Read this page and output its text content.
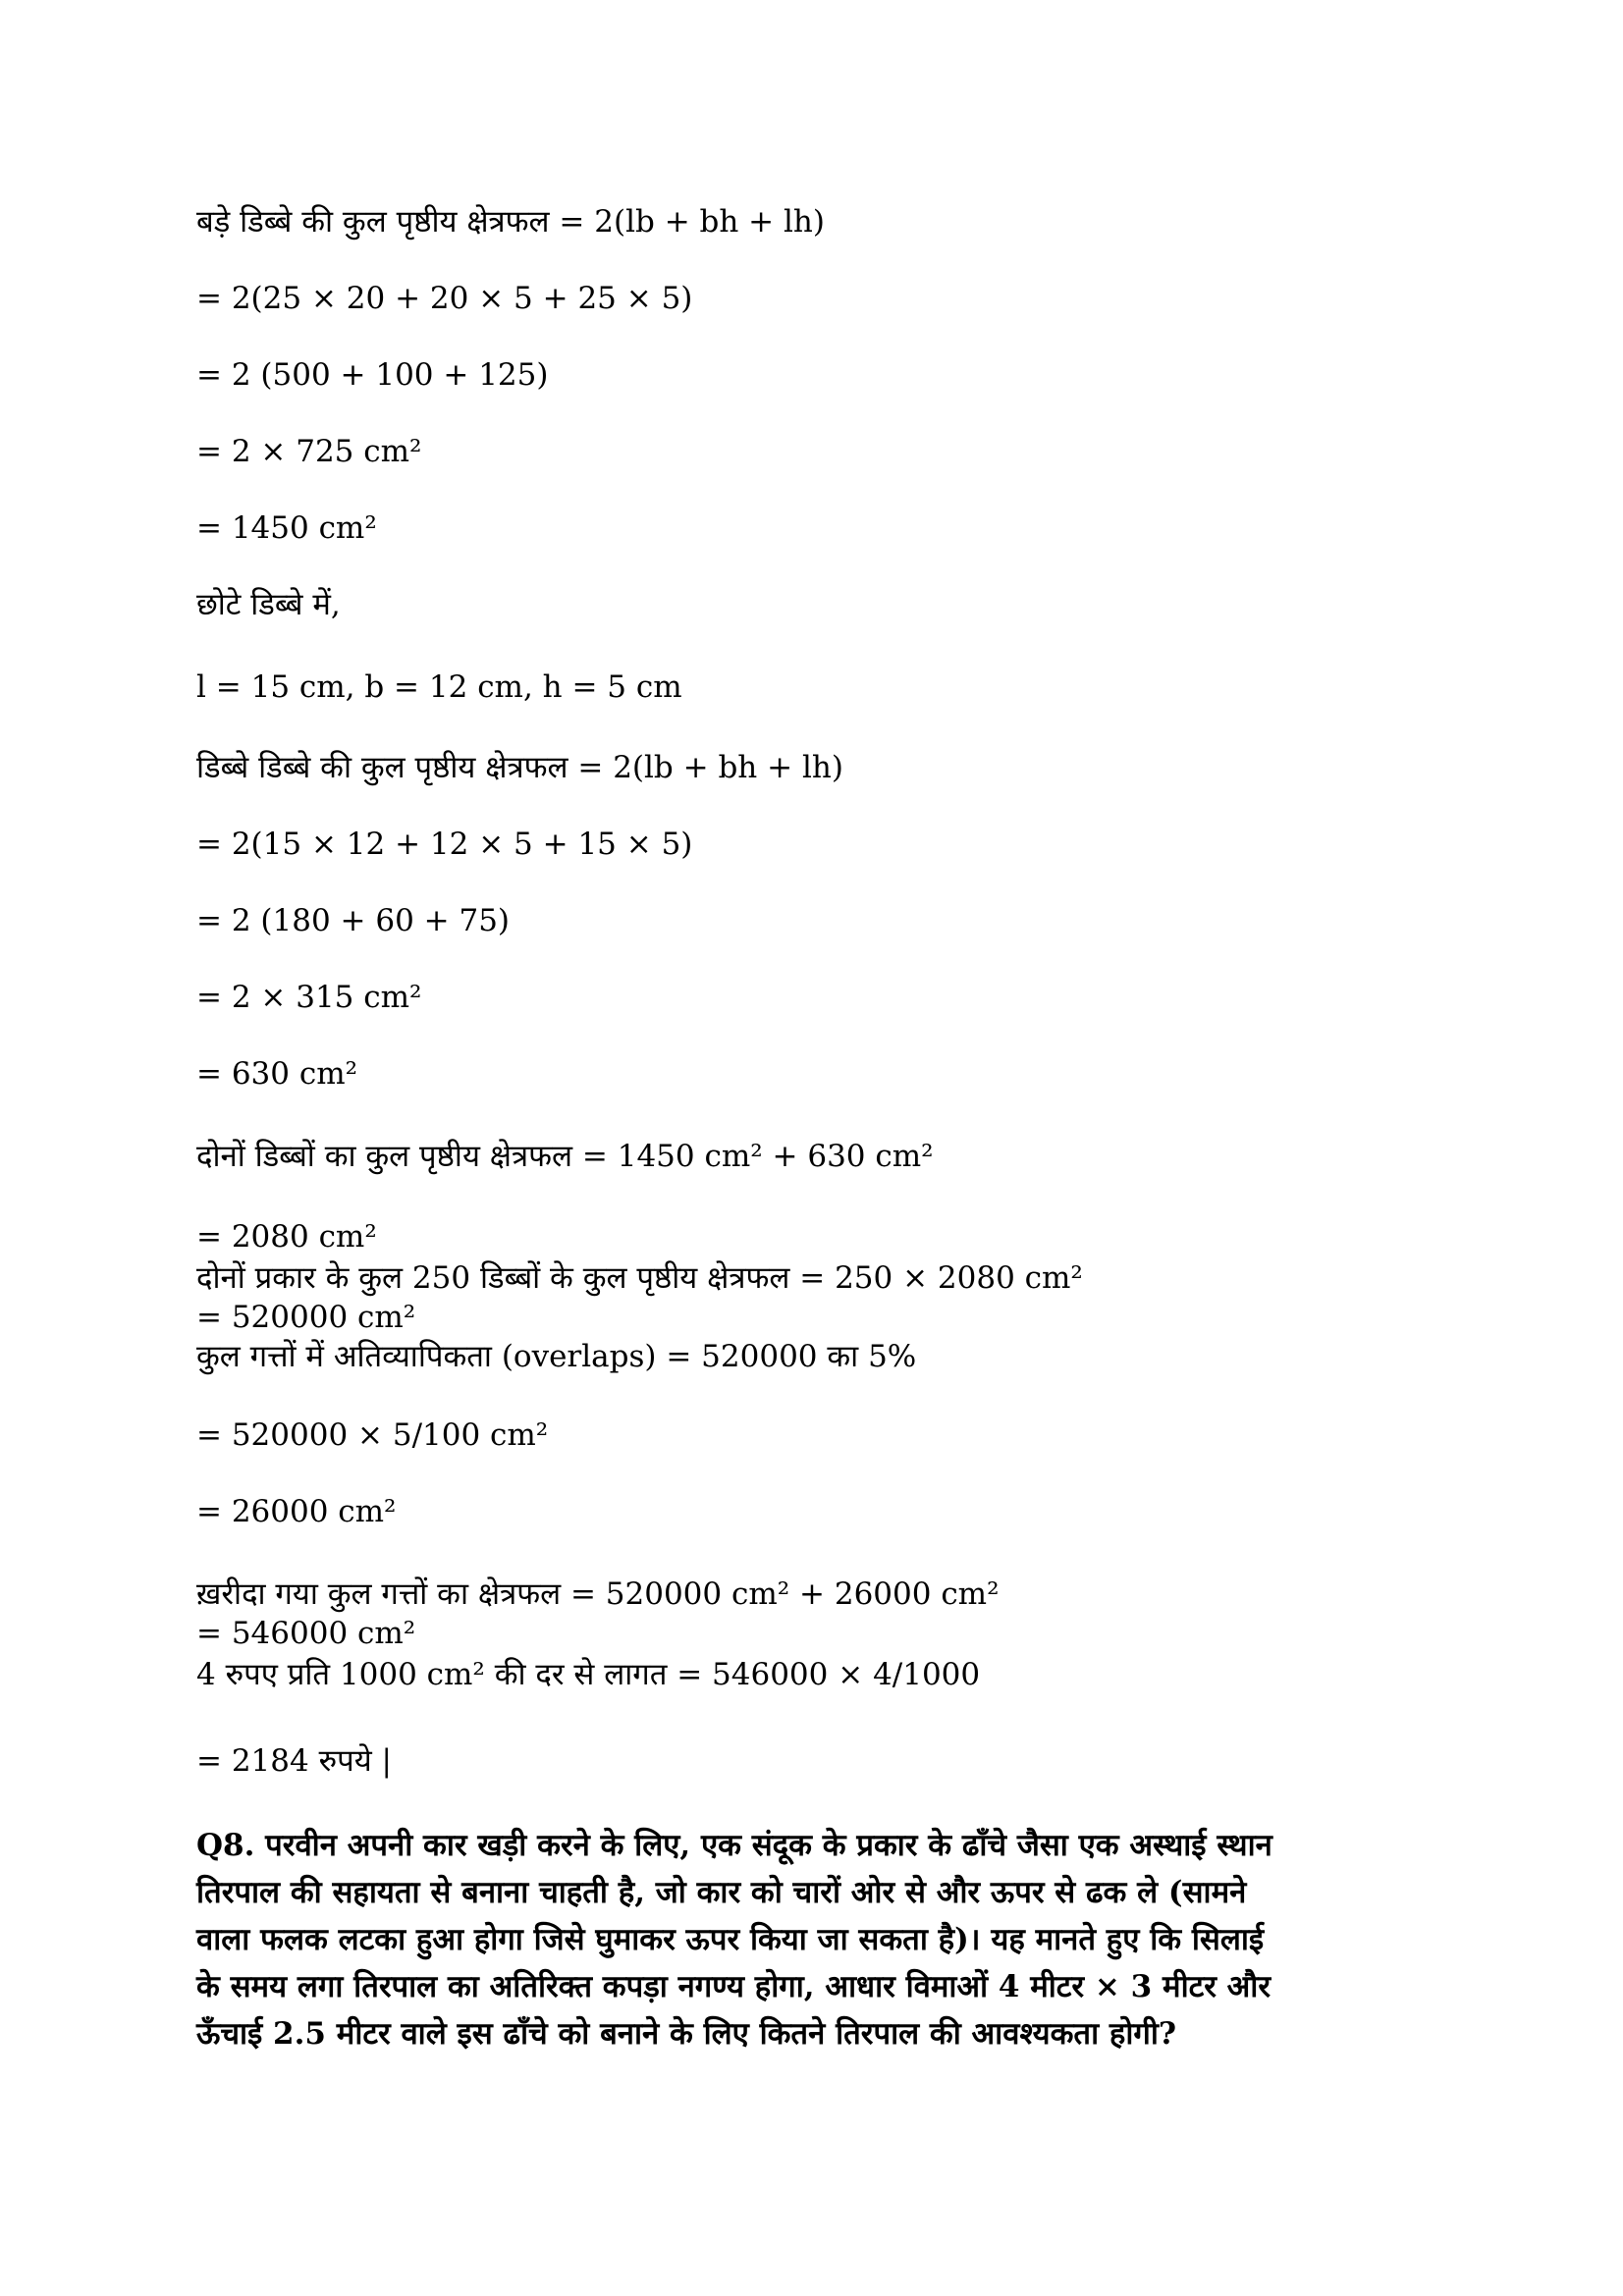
बड़े डिब्बे की कुल पृष्ठीय क्षेत्रफल = 2(lb + bh + lh)

= 2(25 × 20 + 20 × 5 + 25 × 5)

= 2 (500 + 100 + 125)

= 2 × 725 cm²

= 1450 cm²

छोटे डिब्बे में,

l = 15 cm, b = 12 cm, h = 5 cm

डिब्बे डिब्बे की कुल पृष्ठीय क्षेत्रफल = 2(lb + bh + lh)

= 2(15 × 12 + 12 × 5 + 15 × 5)

= 2 (180 + 60 + 75)

= 2 × 315 cm²

= 630 cm²

दोनों डिब्बों का कुल पृष्ठीय क्षेत्रफल = 1450 cm² + 630 cm²

= 2080 cm²

दोनों प्रकार के कुल 250 डिब्बों के कुल पृष्ठीय क्षेत्रफल = 250 × 2080 cm²

= 520000 cm²

कुल गत्तों में अतिव्यापिकता (overlaps) = 520000 का 5%

= 520000 × 5/100 cm²

= 26000 cm²

ख़रीदा गया कुल गत्तों का क्षेत्रफल = 520000 cm² + 26000 cm²

= 546000 cm²

4 रुपए प्रति 1000 cm² की दर से लागत = 546000 × 4/1000

= 2184 रुपये |

Q8. परवीन अपनी कार खड़ी करने के लिए, एक संदूक के प्रकार के ढाँचे जैसा एक अस्थाई स्थान
तिरपाल की सहायता से बनाना चाहती है, जो कार को चारों ओर से और ऊपर से ढक ले (सामने
वाला फलक लटका हुआ होगा जिसे घुमाकर ऊपर किया जा सकता है)। यह मानते हुए कि सिलाई
के समय लगा तिरपाल का अतिरिक्त कपड़ा नगण्य होगा, आधार विमाओं 4 मीटर × 3 मीटर और
ऊँचाई 2.5 मीटर वाले इस ढाँचे को बनाने के लिए कितने तिरपाल की आवश्यकता होगी?
